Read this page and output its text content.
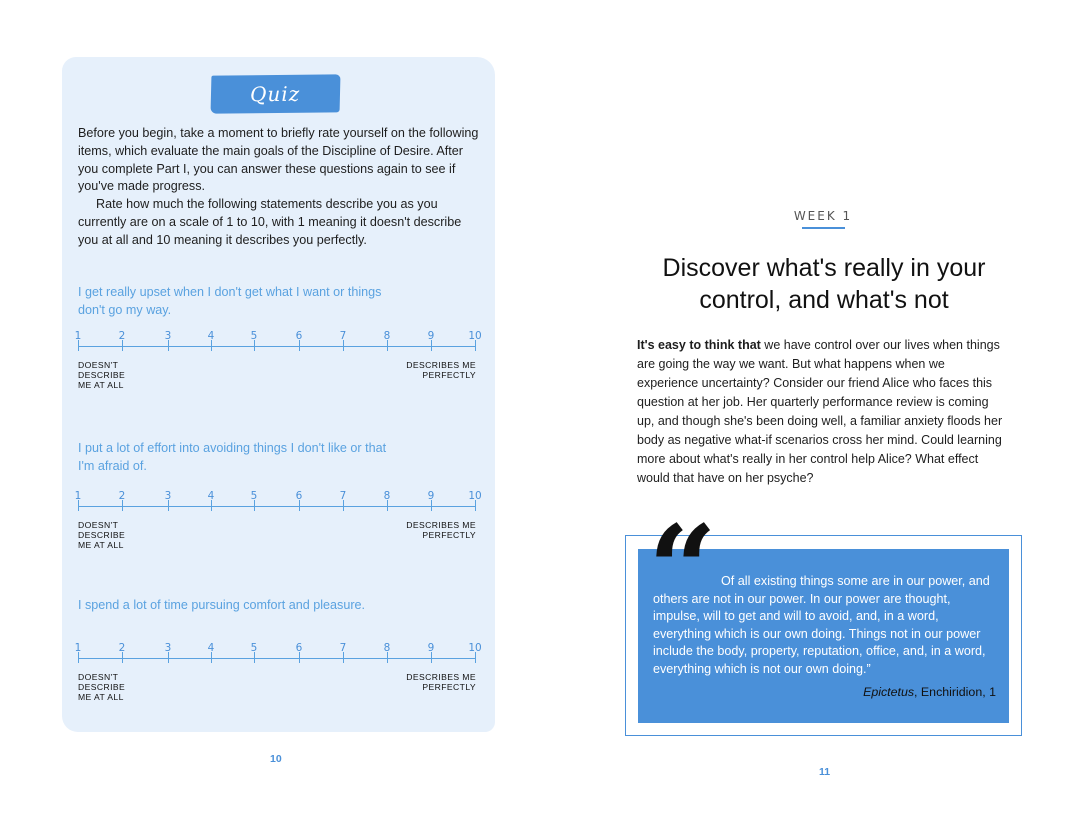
Quiz

Before you begin, take a moment to briefly rate yourself on the following items, which evaluate the main goals of the Discipline of Desire. After you complete Part I, you can answer these questions again to see if you've made progress.

Rate how much the following statements describe you as you currently are on a scale of 1 to 10, with 1 meaning it doesn't describe you at all and 10 meaning it describes you perfectly.

I get really upset when I don't get what I want or things don't go my way.
1	2	3	4	5	6	7	8	9	10
DOESN'T
DESCRIBE
ME AT ALL
DESCRIBES ME
PERFECTLY
I put a lot of effort into avoiding things I don't like or that I'm afraid of.
1	2	3	4	5	6	7	8	9	10
DOESN'T
DESCRIBE
ME AT ALL
DESCRIBES ME
PERFECTLY
I spend a lot of time pursuing comfort and pleasure.
1	2	3	4	5	6	7	8	9	10
DOESN'T
DESCRIBE
ME AT ALL
DESCRIBES ME
PERFECTLY
10
WEEK 1
Discover what's really in your control, and what's not
It's easy to think that we have control over our lives when things are going the way we want. But what happens when we experience uncertainty? Consider our friend Alice who faces this question at her job. Her quarterly performance review is coming up, and though she's been doing well, a familiar anxiety floods her body as negative what-if scenarios cross her mind. Could learning more about what's really in her control help Alice? What effect would that have on her psyche?
“ Of all existing things some are in our power, and others are not in our power. In our power are thought, impulse, will to get and will to avoid, and, in a word, everything which is our own doing. Things not in our power include the body, property, reputation, office, and, in a word, everything which is not our own doing.”
Epictetus, Enchiridion, 1
11
